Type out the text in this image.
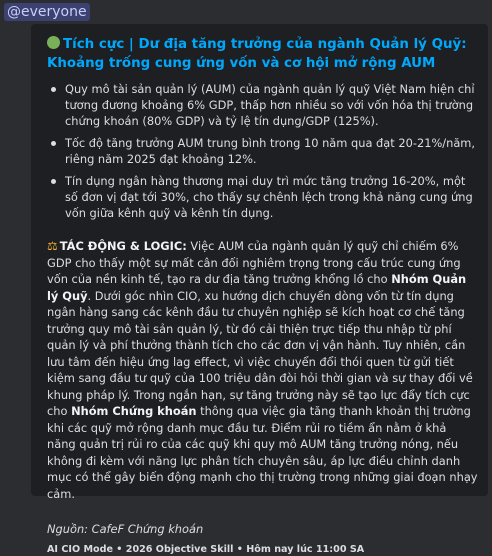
@everyone
Tích cực | Dư địa tăng trưởng của ngành Quản lý Quỹ: Khoảng trống cung ứng vốn và cơ hội mở rộng AUM
Quy mô tài sản quản lý (AUM) của ngành quản lý quỹ Việt Nam hiện chỉ tương đương khoảng 6% GDP, thấp hơn nhiều so với vốn hóa thị trường chứng khoán (80% GDP) và tỷ lệ tín dụng/GDP (125%).
Tốc độ tăng trưởng AUM trung bình trong 10 năm qua đạt 20-21%/năm, riêng năm 2025 đạt khoảng 12%.
Tín dụng ngân hàng thương mại duy trì mức tăng trưởng 16-20%, một số đơn vị đạt tới 30%, cho thấy sự chênh lệch trong khả năng cung ứng vốn giữa kênh quỹ và kênh tín dụng.
⚖ TÁC ĐỘNG & LOGIC: Việc AUM của ngành quản lý quỹ chỉ chiếm 6% GDP cho thấy một sự mất cân đối nghiêm trọng trong cấu trúc cung ứng vốn của nền kinh tế, tạo ra dư địa tăng trưởng khổng lồ cho Nhóm Quản lý Quỹ. Dưới góc nhìn CIO, xu hướng dịch chuyển dòng vốn từ tín dụng ngân hàng sang các kênh đầu tư chuyên nghiệp sẽ kích hoạt cơ chế tăng trưởng quy mô tài sản quản lý, từ đó cải thiện trực tiếp thu nhập từ phí quản lý và phí thưởng thành tích cho các đơn vị vận hành. Tuy nhiên, cần lưu tâm đến hiệu ứng lag effect, vì việc chuyển đổi thói quen từ gửi tiết kiệm sang đầu tư quỹ của 100 triệu dân đòi hỏi thời gian và sự thay đổi về khung pháp lý. Trong ngắn hạn, sự tăng trưởng này sẽ tạo lực đẩy tích cực cho Nhóm Chứng khoán thông qua việc gia tăng thanh khoản thị trường khi các quỹ mở rộng danh mục đầu tư. Điểm rủi ro tiềm ẩn nằm ở khả năng quản trị rủi ro của các quỹ khi quy mô AUM tăng trưởng nóng, nếu không đi kèm với năng lực phân tích chuyên sâu, áp lực điều chỉnh danh mục có thể gây biến động mạnh cho thị trường trong những giai đoạn nhạy cảm.
Nguồn: CafeF Chứng khoán
AI CIO Mode • 2026 Objective Skill • Hôm nay lúc 11:00 SA
